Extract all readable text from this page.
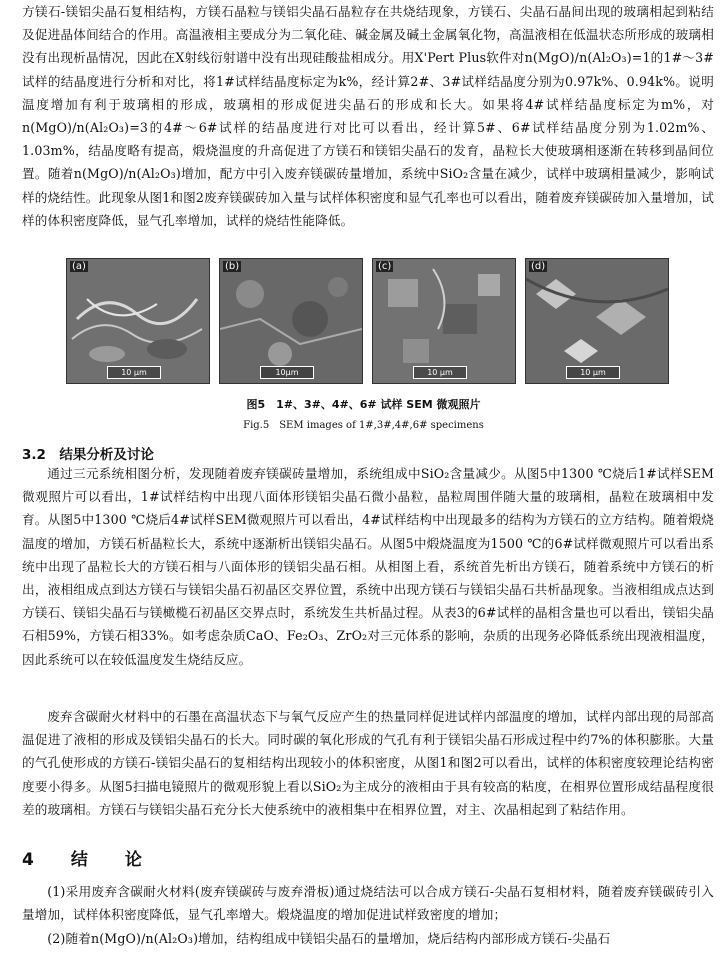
方镁石-镁铝尖晶石复相结构，方镁石晶粒与镁铝尖晶石晶粒存在共烧结现象，方镁石、尖晶石晶间出现的玻璃相起到粘结及促进晶体间结合的作用。高温液相主要成分为二氧化硅、碱金属及碱土金属氧化物，高温液相在低温状态所形成的玻璃相没有出现析晶情况，因此在X射线衍射谱中没有出现硅酸盐相成分。用X'Pert Plus软件对n(MgO)/n(Al₂O₃)=1的1#～3#试样的结晶度进行分析和对比，将1#试样结晶度标定为k%，经计算2#、3#试样结晶度分别为0.97k%、0.94k%。说明温度增加有利于玻璃相的形成，玻璃相的形成促进尖晶石的形成和长大。如果将4#试样结晶度标定为m%，对n(MgO)/n(Al₂O₃)=3的4#～6#试样的结晶度进行对比可以看出，经计算5#、6#试样结晶度分别为1.02m%、1.03m%，结晶度略有提高，煅烧温度的升高促进了方镁石和镁铝尖晶石的发育，晶粒长大使玻璃相逐渐在转移到晶间位置。随着n(MgO)/n(Al₂O₃)增加，配方中引入废弃镁碳砖量增加，系统中SiO₂含量在减少，试样中玻璃相量减少，影响试样的烧结性。此现象从图1和图2废弃镁碳砖加入量与试样体积密度和显气孔率也可以看出，随着废弃镁碳砖加入量增加，试样的体积密度降低，显气孔率增加，试样的烧结性能降低。

(a)
10 μm
(b)
10μm
(c)
10 μm
(d)
10 μm
图5　1#、3#、4#、6# 试样 SEM 微观照片
Fig.5　SEM images of 1#,3#,4#,6# specimens
3.2　结果分析及讨论

通过三元系统相图分析，发现随着废弃镁碳砖量增加，系统组成中SiO₂含量减少。从图5中1300 ℃烧后1#试样SEM微观照片可以看出，1#试样结构中出现八面体形镁铝尖晶石微小晶粒，晶粒周围伴随大量的玻璃相，晶粒在玻璃相中发育。从图5中1300 ℃烧后4#试样SEM微观照片可以看出，4#试样结构中出现最多的结构为方镁石的立方结构。随着煅烧温度的增加，方镁石析晶粒长大，系统中逐渐析出镁铝尖晶石。从图5中煅烧温度为1500 ℃的6#试样微观照片可以看出系统中出现了晶粒长大的方镁石相与八面体形的镁铝尖晶石相。从相图上看，系统首先析出方镁石，随着系统中方镁石的析出，液相组成点到达方镁石与镁铝尖晶石初晶区交界位置，系统中出现方镁石与镁铝尖晶石共析晶现象。当液相组成点达到方镁石、镁铝尖晶石与镁橄榄石初晶区交界点时，系统发生共析晶过程。从表3的6#试样的晶相含量也可以看出，镁铝尖晶石相59%，方镁石相33%。如考虑杂质CaO、Fe₂O₃、ZrO₂对三元体系的影响，杂质的出现务必降低系统出现液相温度，因此系统可以在较低温度发生烧结反应。

废弃含碳耐火材料中的石墨在高温状态下与氧气反应产生的热量同样促进试样内部温度的增加，试样内部出现的局部高温促进了液相的形成及镁铝尖晶石的长大。同时碳的氧化形成的气孔有利于镁铝尖晶石形成过程中约7%的体积膨胀。大量的气孔使形成的方镁石-镁铝尖晶石的复相结构出现较小的体积密度，从图1和图2可以看出，试样的体积密度较理论结构密度要小得多。从图5扫描电镜照片的微观形貌上看以SiO₂为主成分的液相由于具有较高的粘度，在相界位置形成结晶程度很差的玻璃相。方镁石与镁铝尖晶石充分长大使系统中的液相集中在相界位置，对主、次晶相起到了粘结作用。

4　结　论

(1)采用废弃含碳耐火材料(废弃镁碳砖与废弃滑板)通过烧结法可以合成方镁石-尖晶石复相材料，随着废弃镁碳砖引入量增加，试样体积密度降低，显气孔率增大。煅烧温度的增加促进试样致密度的增加；

(2)随着n(MgO)/n(Al₂O₃)增加，结构组成中镁铝尖晶石的量增加，烧后结构内部形成方镁石-尖晶石
